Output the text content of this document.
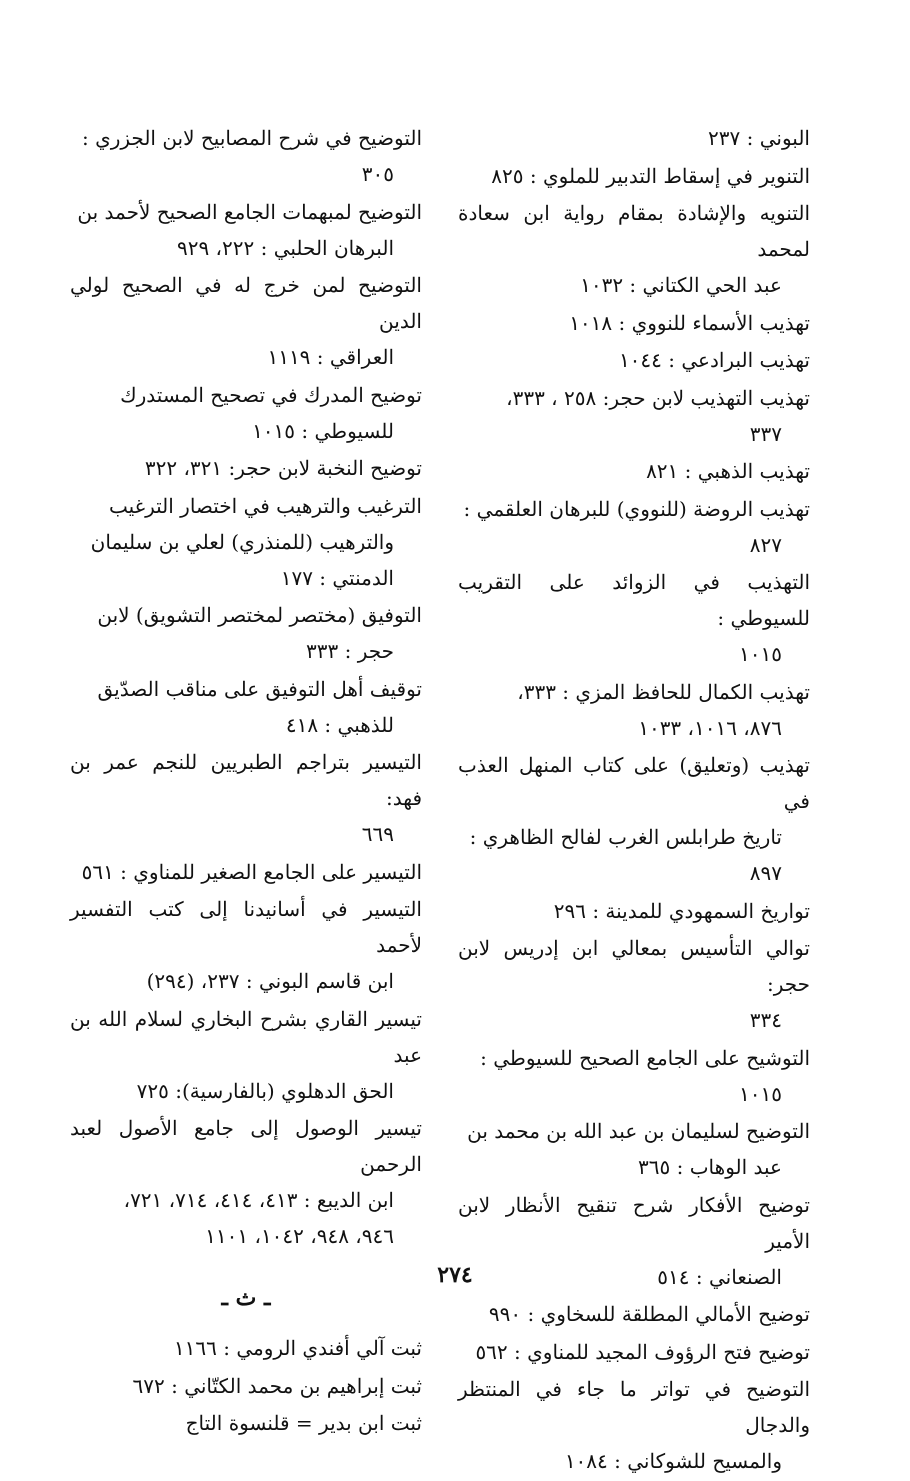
البوني : ٢٣٧
التنوير في إسقاط التدبير للملوي : ٨٢٥
التنويه والإشادة بمقام رواية ابن سعادة لمحمد
عبد الحي الكتاني : ١٠٣٢
تهذيب الأسماء للنووي : ١٠١٨
تهذيب البرادعي : ١٠٤٤
تهذيب التهذيب لابن حجر: ٢٥٨ ، ٣٣٣،
٣٣٧
تهذيب الذهبي : ٨٢١
تهذيب الروضة (للنووي) للبرهان العلقمي :
٨٢٧
التهذيب في الزوائد على التقريب للسيوطي :
١٠١٥
تهذيب الكمال للحافظ المزي : ٣٣٣،
٨٧٦، ١٠١٦، ١٠٣٣
تهذيب (وتعليق) على كتاب المنهل العذب في
تاريخ طرابلس الغرب لفالح الظاهري :
٨٩٧
تواريخ السمهودي للمدينة : ٢٩٦
توالي التأسيس بمعالي ابن إدريس لابن حجر:
٣٣٤
التوشيح على الجامع الصحيح للسيوطي :
١٠١٥
التوضيح لسليمان بن عبد الله بن محمد بن
عبد الوهاب : ٣٦٥
توضيح الأفكار شرح تنقيح الأنظار لابن الأمير
الصنعاني : ٥١٤
توضيح الأمالي المطلقة للسخاوي : ٩٩٠
توضيح فتح الرؤوف المجيد للمناوي : ٥٦٢
التوضيح في تواتر ما جاء في المنتظر والدجال
والمسيح للشوكاني : ١٠٨٤
التوضيح في شرح المصابيح لابن الجزري :
٣٠٥
التوضيح لمبهمات الجامع الصحيح لأحمد بن
البرهان الحلبي : ٢٢٢، ٩٢٩
التوضيح لمن خرج له في الصحيح لولي الدين
العراقي : ١١١٩
توضيح المدرك في تصحيح المستدرك
للسيوطي : ١٠١٥
توضيح النخبة لابن حجر: ٣٢١، ٣٢٢
الترغيب والترهيب في اختصار الترغيب
والترهيب (للمنذري) لعلي بن سليمان
الدمنتي : ١٧٧
التوفيق (مختصر لمختصر التشويق) لابن
حجر : ٣٣٣
توقيف أهل التوفيق على مناقب الصدّيق
للذهبي : ٤١٨
التيسير بتراجم الطبريين للنجم عمر بن فهد:
٦٦٩
التيسير على الجامع الصغير للمناوي : ٥٦١
التيسير في أسانيدنا إلى كتب التفسير لأحمد
ابن قاسم البوني : ٢٣٧، (٢٩٤)
تيسير القاري بشرح البخاري لسلام الله بن عبد
الحق الدهلوي (بالفارسية): ٧٢٥
تيسير الوصول إلى جامع الأصول لعبد الرحمن
ابن الديبع : ٤١٣، ٤١٤، ٧١٤، ٧٢١،
٩٤٦، ٩٤٨، ١٠٤٢، ١١٠١
ـ ث ـ
ثبت آلي أفندي الرومي : ١١٦٦
ثبت إبراهيم بن محمد الكتّاني : ٦٧٢
ثبت ابن بدير = قلنسوة التاج
٢٧٤
